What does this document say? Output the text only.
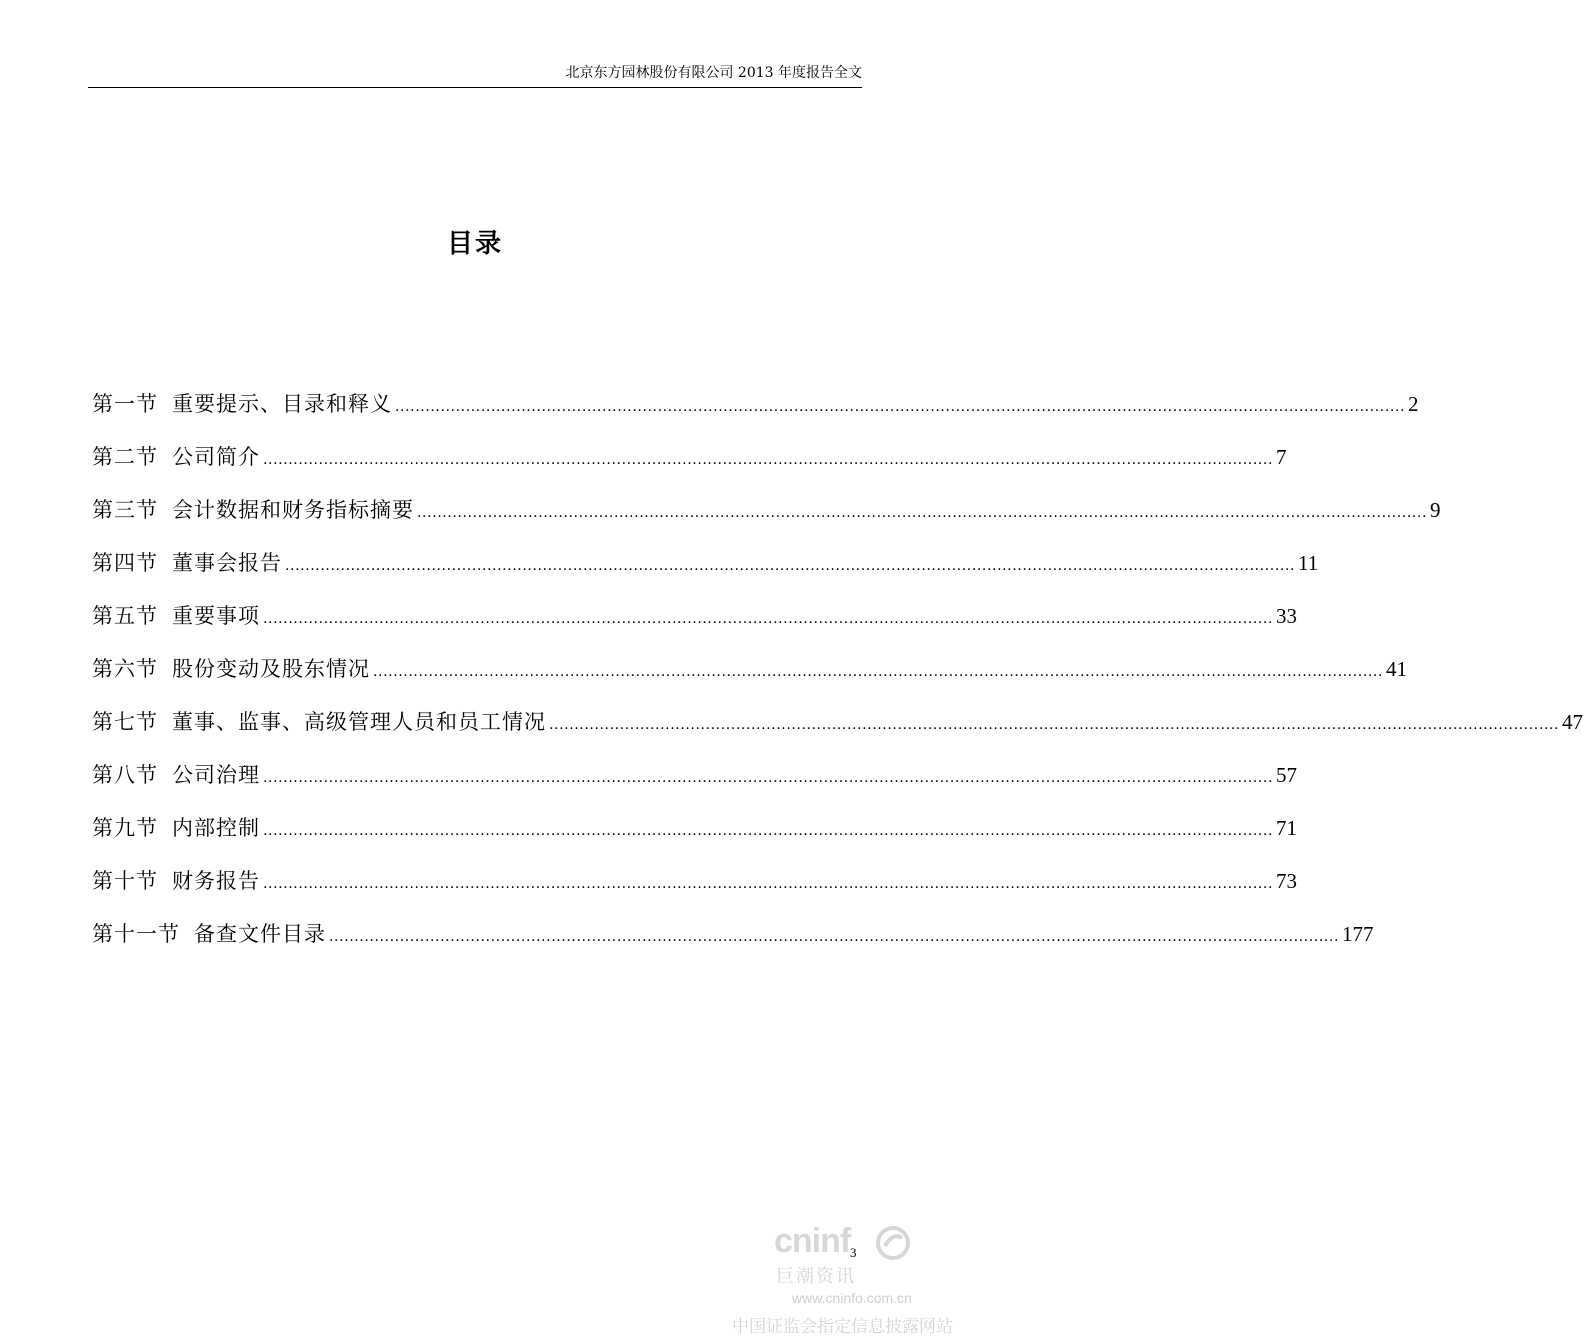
北京东方园林股份有限公司 2013 年度报告全文
目录
第一节 重要提示、目录和释义 ........................................................................................................................................................................................................ 2
第二节 公司简介 ........................................................................................................................................................................................................ 7
第三节 会计数据和财务指标摘要 ........................................................................................................................................................................................................ 9
第四节 董事会报告 ........................................................................................................................................................................................................ 11
第五节 重要事项 ........................................................................................................................................................................................................ 33
第六节 股份变动及股东情况 ........................................................................................................................................................................................................ 41
第七节 董事、监事、高级管理人员和员工情况 ........................................................................................................................................................................................................ 47
第八节 公司治理 ........................................................................................................................................................................................................ 57
第九节 内部控制 ........................................................................................................................................................................................................ 71
第十节 财务报告 ........................................................................................................................................................................................................ 73
第十一节 备查文件目录 ........................................................................................................................................................................................................ 177
cninf
巨潮资讯
www.cninfo.com.cn
中国证监会指定信息披露网站
3
